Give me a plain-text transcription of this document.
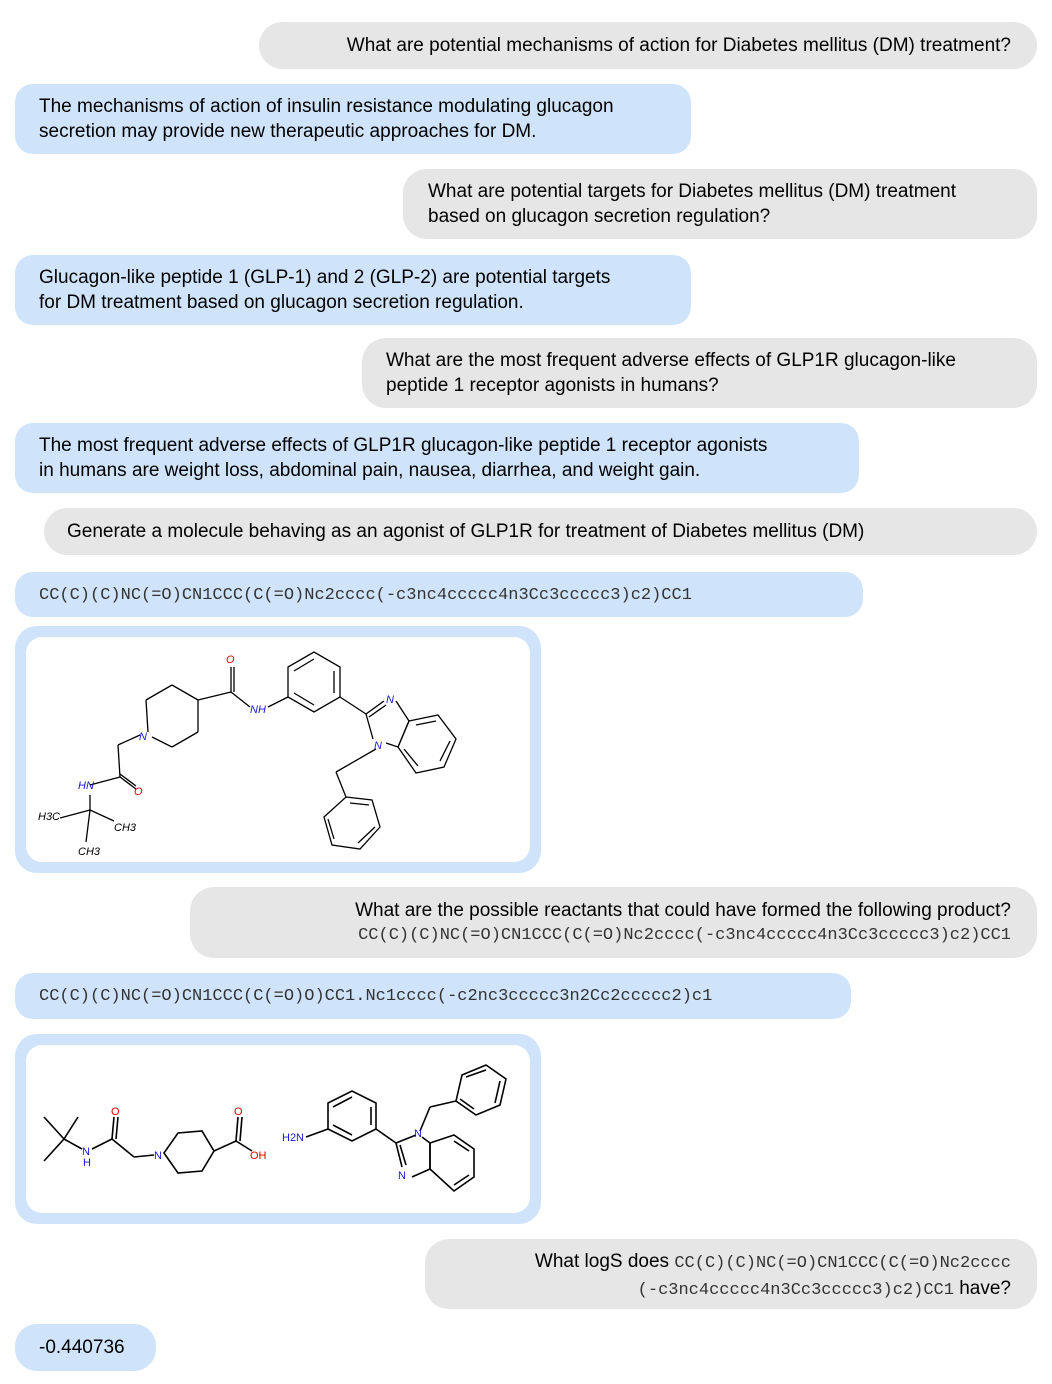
What are potential mechanisms of action for Diabetes mellitus (DM) treatment?
The mechanisms of action of insulin resistance modulating glucagon
secretion may provide new therapeutic approaches for DM.
What are potential targets for Diabetes mellitus (DM) treatment
based on glucagon secretion regulation?
Glucagon-like peptide 1 (GLP-1) and 2 (GLP-2) are potential targets
for DM treatment based on glucagon secretion regulation.
What are the most frequent adverse effects of GLP1R glucagon-like
peptide 1 receptor agonists in humans?
The most frequent adverse effects of GLP1R glucagon-like peptide 1 receptor agonists
in humans are weight loss, abdominal pain, nausea, diarrhea, and weight gain.
Generate a molecule behaving as an agonist of GLP1R for treatment of Diabetes mellitus (DM)
CC(C)(C)NC(=O)CN1CCC(C(=O)Nc2cccc(-c3nc4ccccc4n3Cc3ccccc3)c2)CC1
O
NH
N
HN	O
H3C
CH3
CH3
N
N
What are the possible reactants that could have formed the following product?
CC(C)(C)NC(=O)CN1CCC(C(=O)Nc2cccc(-c3nc4ccccc4n3Cc3ccccc3)c2)CC1
CC(C)(C)NC(=O)CN1CCC(C(=O)O)CC1.Nc1cccc(-c2nc3ccccc3n2Cc2ccccc2)c1
N
H
O
N
O
OH
H2N	N
N
What logS does CC(C)(C)NC(=O)CN1CCC(C(=O)Nc2cccc
(-c3nc4ccccc4n3Cc3ccccc3)c2)CC1 have?
-0.440736
